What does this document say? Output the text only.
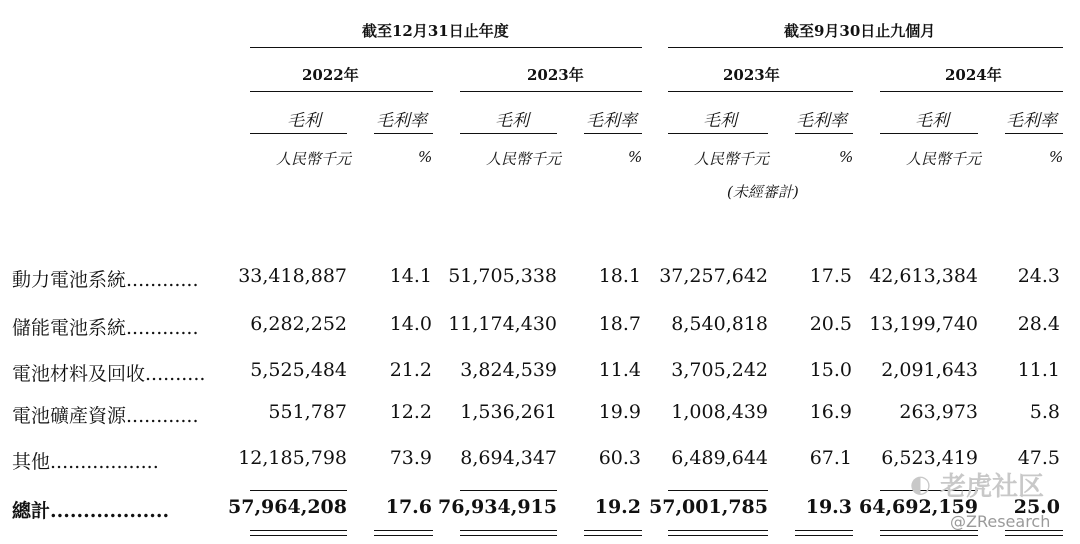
截至12月31日止年度	截至9月30日止九個月
2022年	2023年	2023年	2024年
毛利	毛利率	毛利	毛利率	毛利	毛利率	毛利	毛利率
人民幣千元	%	人民幣千元	%	人民幣千元	%	人民幣千元	%
(未經審計)
動力電池系統............ 33,418,887 14.1 51,705,338 18.1 37,257,642 17.5 42,613,384 24.3
儲能電池系統............	6,282,252 14.0 11,174,430 18.7 8,540,818 20.5 13,199,740 28.4
電池材料及回收.......... 5,525,484 21.2 3,824,539 11.4 3,705,242 15.0 2,091,643 11.1
電池礦產資源............	551,787 12.2 1,536,261 19.9 1,008,439 16.9 263,973	5.8
其他..................	12,185,798 73.9 8,694,347 60.3 6,489,644 67.1 6,523,419 47.5
總計..................	57,964,208 17.6 76,934,915 19.2 57,001,785 19.3 64,692,159 25.0
◐ 老虎社区
@ZResearch
